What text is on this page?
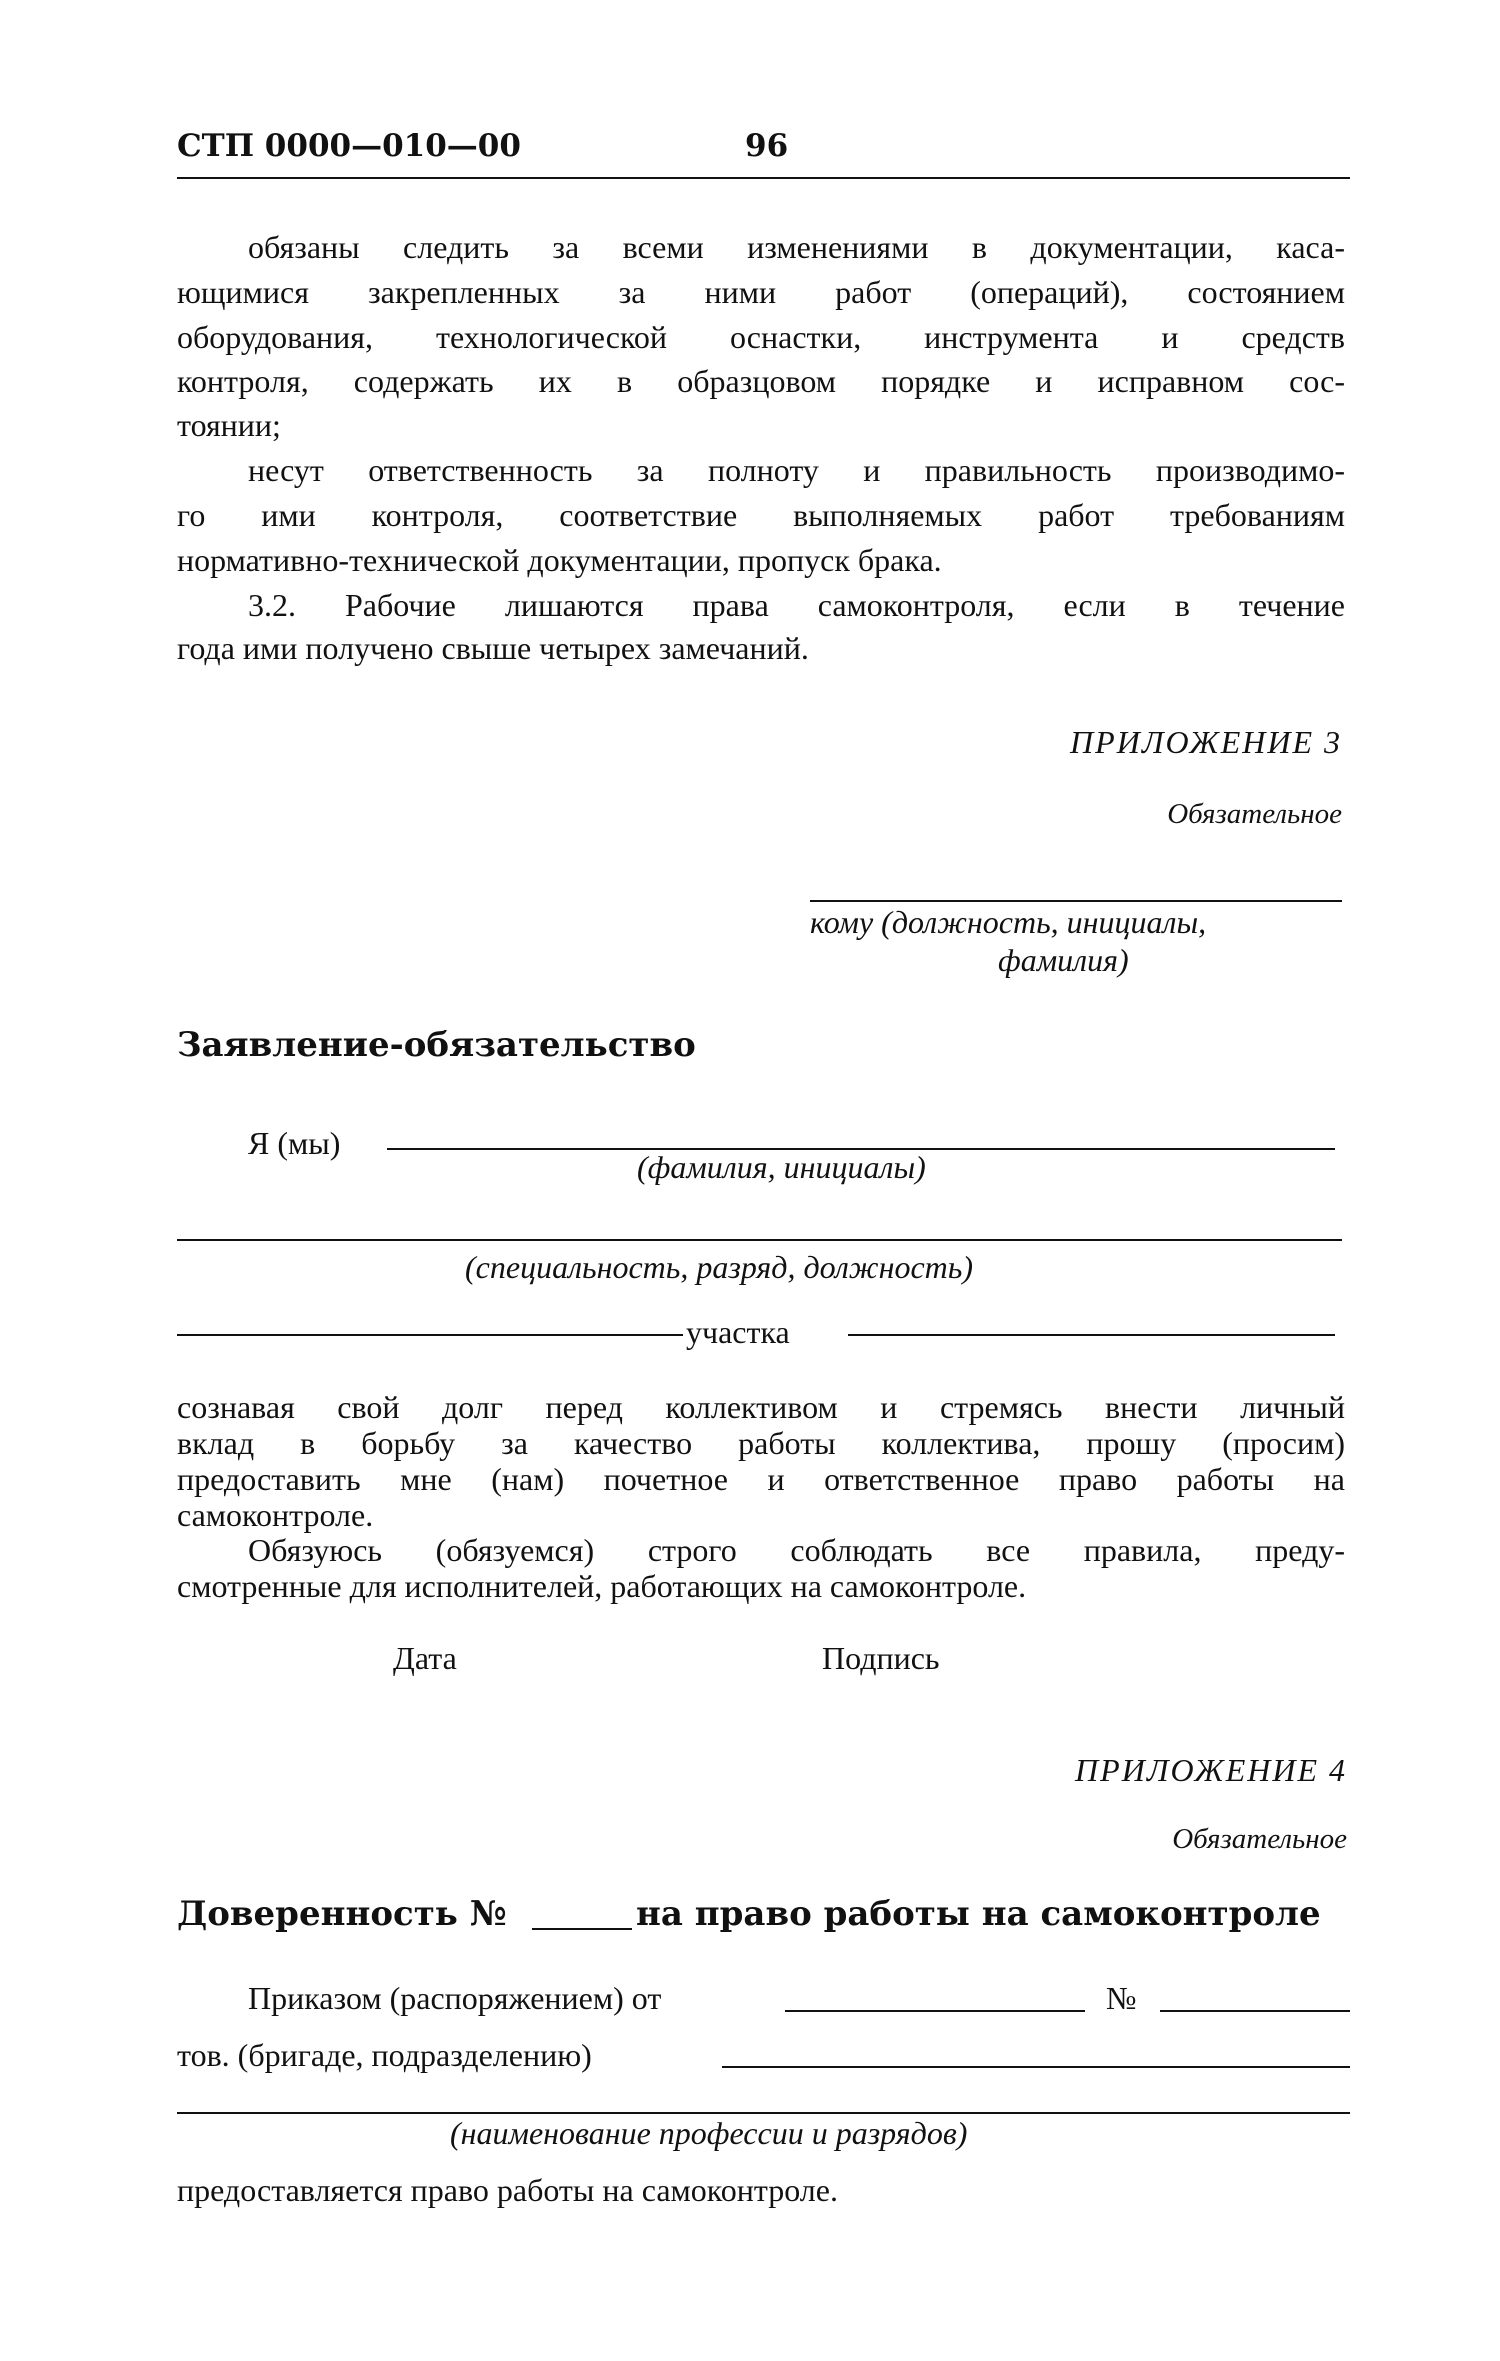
СТП 0000—010—00	96
обязаны следить за всеми изменениями в документации, каса-
ющимися закрепленных за ними работ (операций), состоянием
оборудования, технологической оснастки, инструмента и средств
контроля, содержать их в образцовом порядке и исправном сос-
тоянии;
несут ответственность за полноту и правильность производимо-
го ими контроля, соответствие выполняемых работ требованиям
нормативно-технической документации, пропуск брака.
3.2. Рабочие лишаются права самоконтроля, если в течение
года ими получено свыше четырех замечаний.
ПРИЛОЖЕНИЕ 3
Обязательное
кому (должность, инициалы,
фамилия)
Заявление-обязательство
Я (мы)
(фамилия, инициалы)
(специальность, разряд, должность)
участка
сознавая свой долг перед коллективом и стремясь внести личный
вклад в борьбу за качество работы коллектива, прошу (просим)
предоставить мне (нам) почетное и ответственное право работы на
самоконтроле.
Обязуюсь (обязуемся) строго соблюдать все правила, преду-
смотренные для исполнителей, работающих на самоконтроле.
Дата	Подпись
ПРИЛОЖЕНИЕ 4
Обязательное
Доверенность №	на право работы на самоконтроле
Приказом (распоряжением) от	№
тов. (бригаде, подразделению)
(наименование профессии и разрядов)
предоставляется право работы на самоконтроле.
